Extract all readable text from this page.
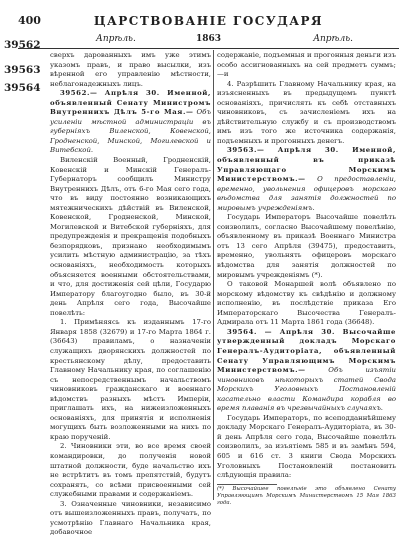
400	ЦАРСТВОВАНІЕ ГОСУДАРЯ
Апрѣль.	1863	Апрѣль.
39562
39563
39564

сверхъ дарованныхъ имъ уже этимъ указомъ правъ, и право высылки, изъ вѣренной его управленію мѣстности, неблагонадежныхъ лицъ.

39562.— Апрѣля 30. Именной, объявленный Сенату Министромъ Внутреннихъ Дѣлъ 5-го Мая.— Объ усиленіи мѣстной администраціи въ губерніяхъ Виленской, Ковенской, Гродненской, Минской, Могилевской и Витебской.

Виленскій Военный, Гродненскій, Ковенскій и Минскій Генералъ-Губернаторъ сообщилъ Министру Внутреннихъ Дѣлъ, отъ 6-го Мая сего года, что въ виду постоянно возникающихъ мятежническихъ дѣйствій въ Виленской, Ковенской, Гродненской, Минской, Могилевской и Витебской губерніяхъ, для предупрежденія и прекращенія подобныхъ безпорядковъ, признано необходимымъ усилить мѣстную администрацію, за тѣхъ основаніяхъ, необходимость которыхъ объясняется военными обстоятельствами, и что, для достиженія сей цѣли, Государю Императору благоугодно было, въ 30-й день Апрѣля сего года, Высочайше повелѣть:

1. Примѣняясь къ изданнымъ 17-го Января 1858 (32679) и 17-го Марта 1864 г. (36643) правиламъ, о назначеніи служащихъ дворянскихъ должностей по крестьянскому дѣлу, предоставить Главному Начальнику края, по соглашенію съ непосредственнымъ начальствомъ чиновниковъ гражданскаго и военнаго вѣдомствъ разныхъ мѣстъ Имперіи, приглашать ихъ, на нижеизложенныхъ основаніяхъ, для принятія и исполненія могущихъ быть возложенными на нихъ по краю порученій.

2. Чиновники эти, во все время своей командировки, до полученія новой штатной должности, буде начальство ихъ не встрѣтитъ въ томъ препятствій, будутъ сохранять, со всѣми присвоенными сей служебными правами и содержаніемъ.

3. Означенные чиновники, независимо отъ вышеизложенныхъ правъ, получатъ, по усмотрѣнію Главнаго Начальника края, добавочное

содержаніе, подъемныя и прогонныя деньги изъ особо ассигнованныхъ на сей предметъ суммъ;—и

4. Разрѣшить Главному Начальнику края, на изъясненныхъ въ предыдущемъ пунктѣ основаніяхъ, причислять къ себѣ отставныхъ чиновниковъ, съ зачисленіемъ ихъ на дѣйствительную службу и съ производствомъ имъ изъ того же источника содержанія, подъемныхъ и прогонныхъ денегъ.

39563.— Апрѣля 30. Именной, объявленный въ приказѣ Управляющаго Морскимъ Министерствомъ.— О предоставленіи, временно, увольнения офицеровъ морскаго вѣдомства для занятія должностей по мировымъ учрежденіямъ.

Государь Императоръ Высочайше повелѣть соизволилъ, согласно Высочайшему повелѣнію, объявленному въ приказѣ Военнаго Министра отъ 13 сего Апрѣля (39475), предоставить, временно, увольнять офицеровъ морскаго вѣдомства для занятія должностей по мировымъ учрежденіямъ (*).

О таковой Монаршей волѣ объявлено по морскому вѣдомству къ свѣдѣнію и должному исполненію, въ послѣдствіе приказа Его Императорскаго Высочества Генералъ-Адмирала отъ 11 Марта 1861 года (36648).

39564. — Апрѣля 30. Высочайше утвержденный докладъ Морскаго Генералъ-Аудиторіата, объявленный Сенату Управляющимъ Морскимъ Министерствомъ.—	Объ изъятіи чиновниковъ нѣкоторыхъ статей Свода Морскихъ Уголовныхъ Постановленій касательно власти Командира корабля во время плаванія въ чрезвычайныхъ случаяхъ.

Государь Императоръ, по всеподданнѣйшему докладу Морскаго Генералъ-Аудиторіата, въ 30-й день Апрѣля сего года, Высочайше повелѣть соизволилъ, за изъятіемъ 585 и въ замѣнъ 594, 605 и 616 ст. 3 книги Свода Морскихъ Уголовныхъ Постановленій постановить слѣдующія правила:

(*) Высочайшее повелѣніе это объявлено Сенату Управляющимъ Морскимъ Министерствомъ 15 Мая 1863 года.
